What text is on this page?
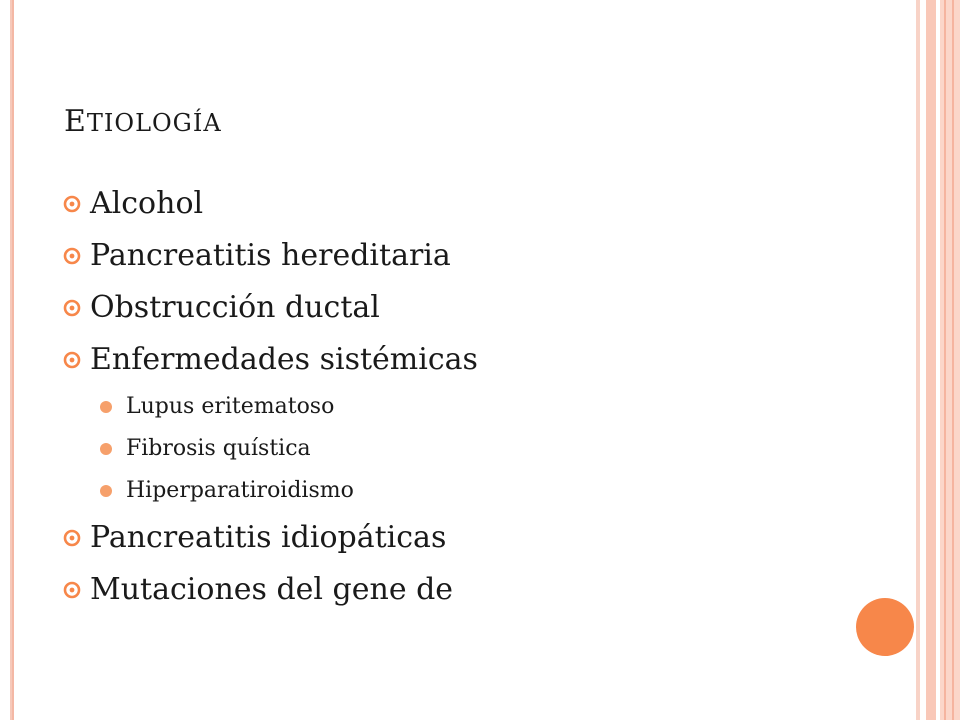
ETIOLOGÍA
Alcohol
Pancreatitis hereditaria
Obstrucción ductal
Enfermedades sistémicas
Lupus eritematoso
Fibrosis quística
Hiperparatiroidismo
Pancreatitis idiopáticas
Mutaciones del gene de
